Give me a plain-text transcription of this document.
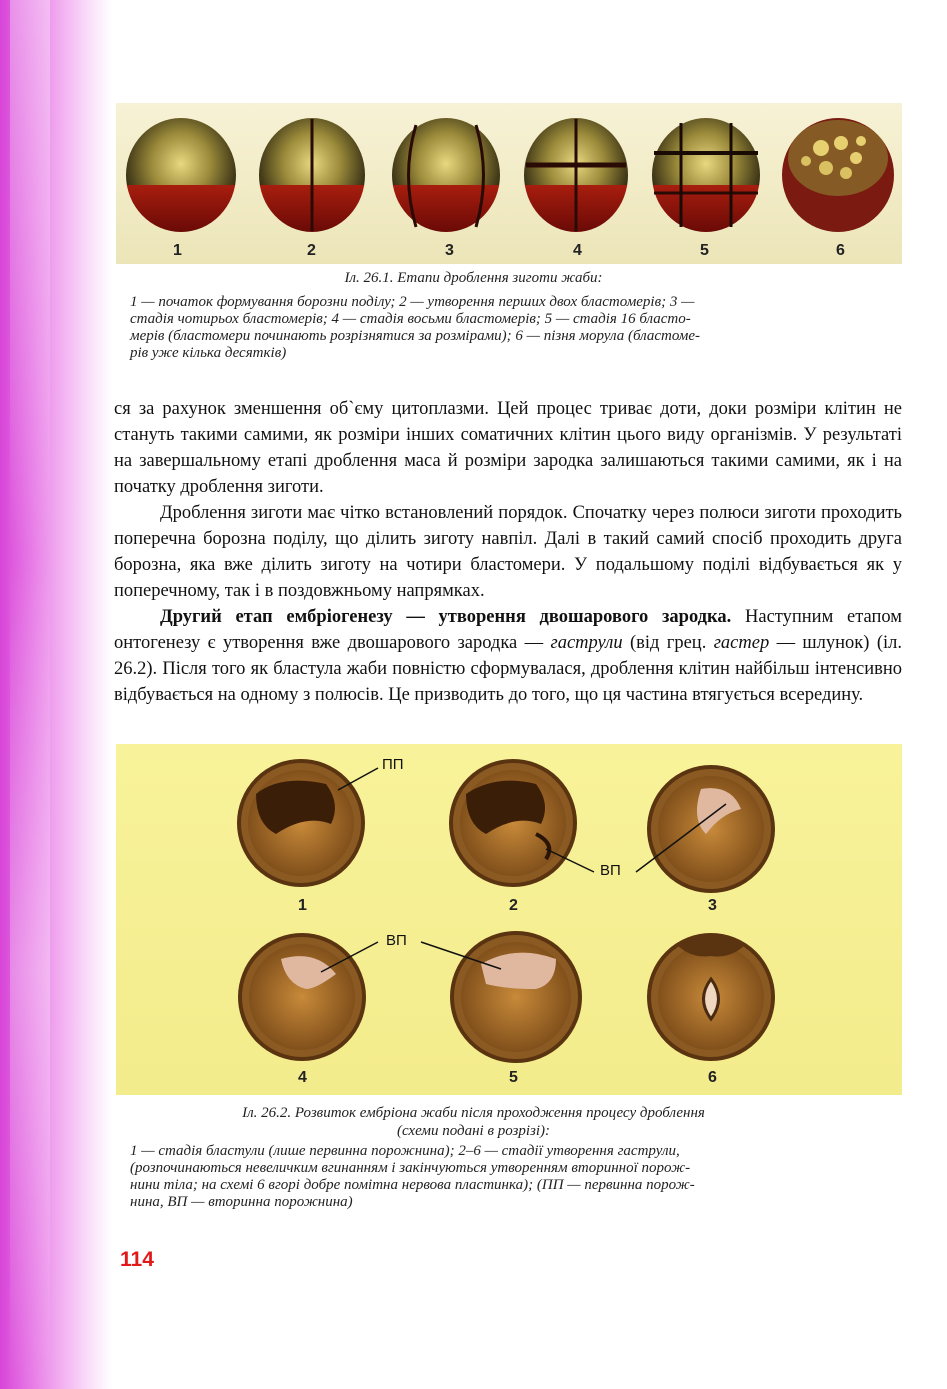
1	2	3	4	5	6
Іл. 26.1. Етапи дроблення зиготи жаби:
1 — початок формування борозни поділу; 2 — утворення перших двох бластомерів; 3 —
стадія чотирьох бластомерів; 4 — стадія восьми бластомерів; 5 — стадія 16 бласто-
мерів (бластомери починають розрізнятися за розмірами); 6 — пізня морула (бластоме-
рів уже кілька десятків)
ся за рахунок зменшення об`єму цитоплазми. Цей процес триває доти, доки розміри клітин не стануть такими самими, як розміри інших соматичних клітин цього виду організмів. У результаті на завершальному етапі дроблення маса й розміри зародка залишаються такими самими, як і на початку дроблення зиготи.
Дроблення зиготи має чітко встановлений порядок. Спочатку через полюси зиготи проходить поперечна борозна поділу, що ділить зиготу навпіл. Далі в такий самий спосіб проходить друга борозна, яка вже ділить зиготу на чотири бластомери. У подальшому поділі відбувається як у поперечному, так і в поздовжньому напрямках.
Другий етап ембріогенезу — утворення двошарового зародка. Наступним етапом онтогенезу є утворення вже двошарового зародка — гаструли (від грец. гастер — шлунок) (іл. 26.2). Після того як бластула жаби повністю сформувалася, дроблення клітин найбільш інтенсивно відбувається на одному з полюсів. Це призводить до того, що ця частина втягується всередину.
ПП
ВП
ВП
1	2	3
4	5	6
Іл. 26.2. Розвиток ембріона жаби після проходження процесу дроблення
(схеми подані в розрізі):
1 — стадія бластули (лише первинна порожнина); 2–6 — стадії утворення гаструли,
(розпочинаються невеличким вгинанням і закінчуються утворенням вторинної порож-
нини тіла; на схемі 6 вгорі добре помітна нервова пластинка); (ПП — первинна порож-
нина, ВП — вторинна порожнина)
114
